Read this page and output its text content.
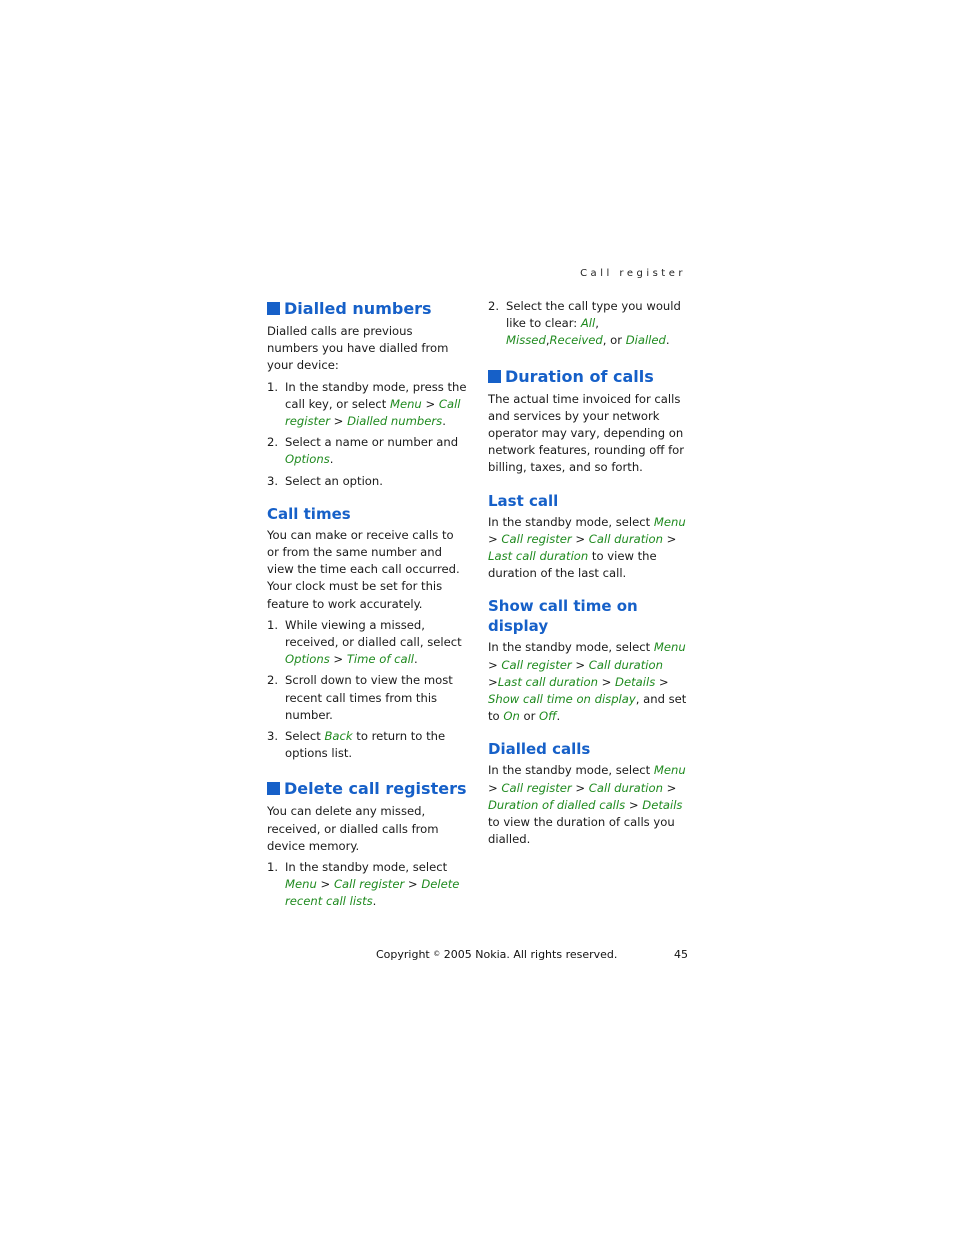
Call register
Dialled numbers

Dialled calls are previous numbers you have dialled from your device:

1. In the standby mode, press the call key, or select Menu > Call register > Dialled numbers.
2. Select a name or number and Options.
3. Select an option.
Call times

You can make or receive calls to or from the same number and view the time each call occurred. Your clock must be set for this feature to work accurately.

1. While viewing a missed, received, or dialled call, select Options > Time of call.
2. Scroll down to view the most recent call times from this number.
3. Select Back to return to the options list.
Delete call registers

You can delete any missed, received, or dialled calls from device memory.

1. In the standby mode, select Menu > Call register > Delete recent call lists.
2. Select the call type you would like to clear: All, Missed,Received, or Dialled.
Duration of calls

The actual time invoiced for calls and services by your network operator may vary, depending on network features, rounding off for billing, taxes, and so forth.

Last call

In the standby mode, select Menu > Call register > Call duration > Last call duration to view the duration of the last call.

Show call time on display

In the standby mode, select Menu > Call register > Call duration >Last call duration > Details > Show call time on display, and set to On or Off.

Dialled calls

In the standby mode, select Menu > Call register > Call duration > Duration of dialled calls > Details to view the duration of calls you dialled.

Copyright © 2005 Nokia. All rights reserved.	45
